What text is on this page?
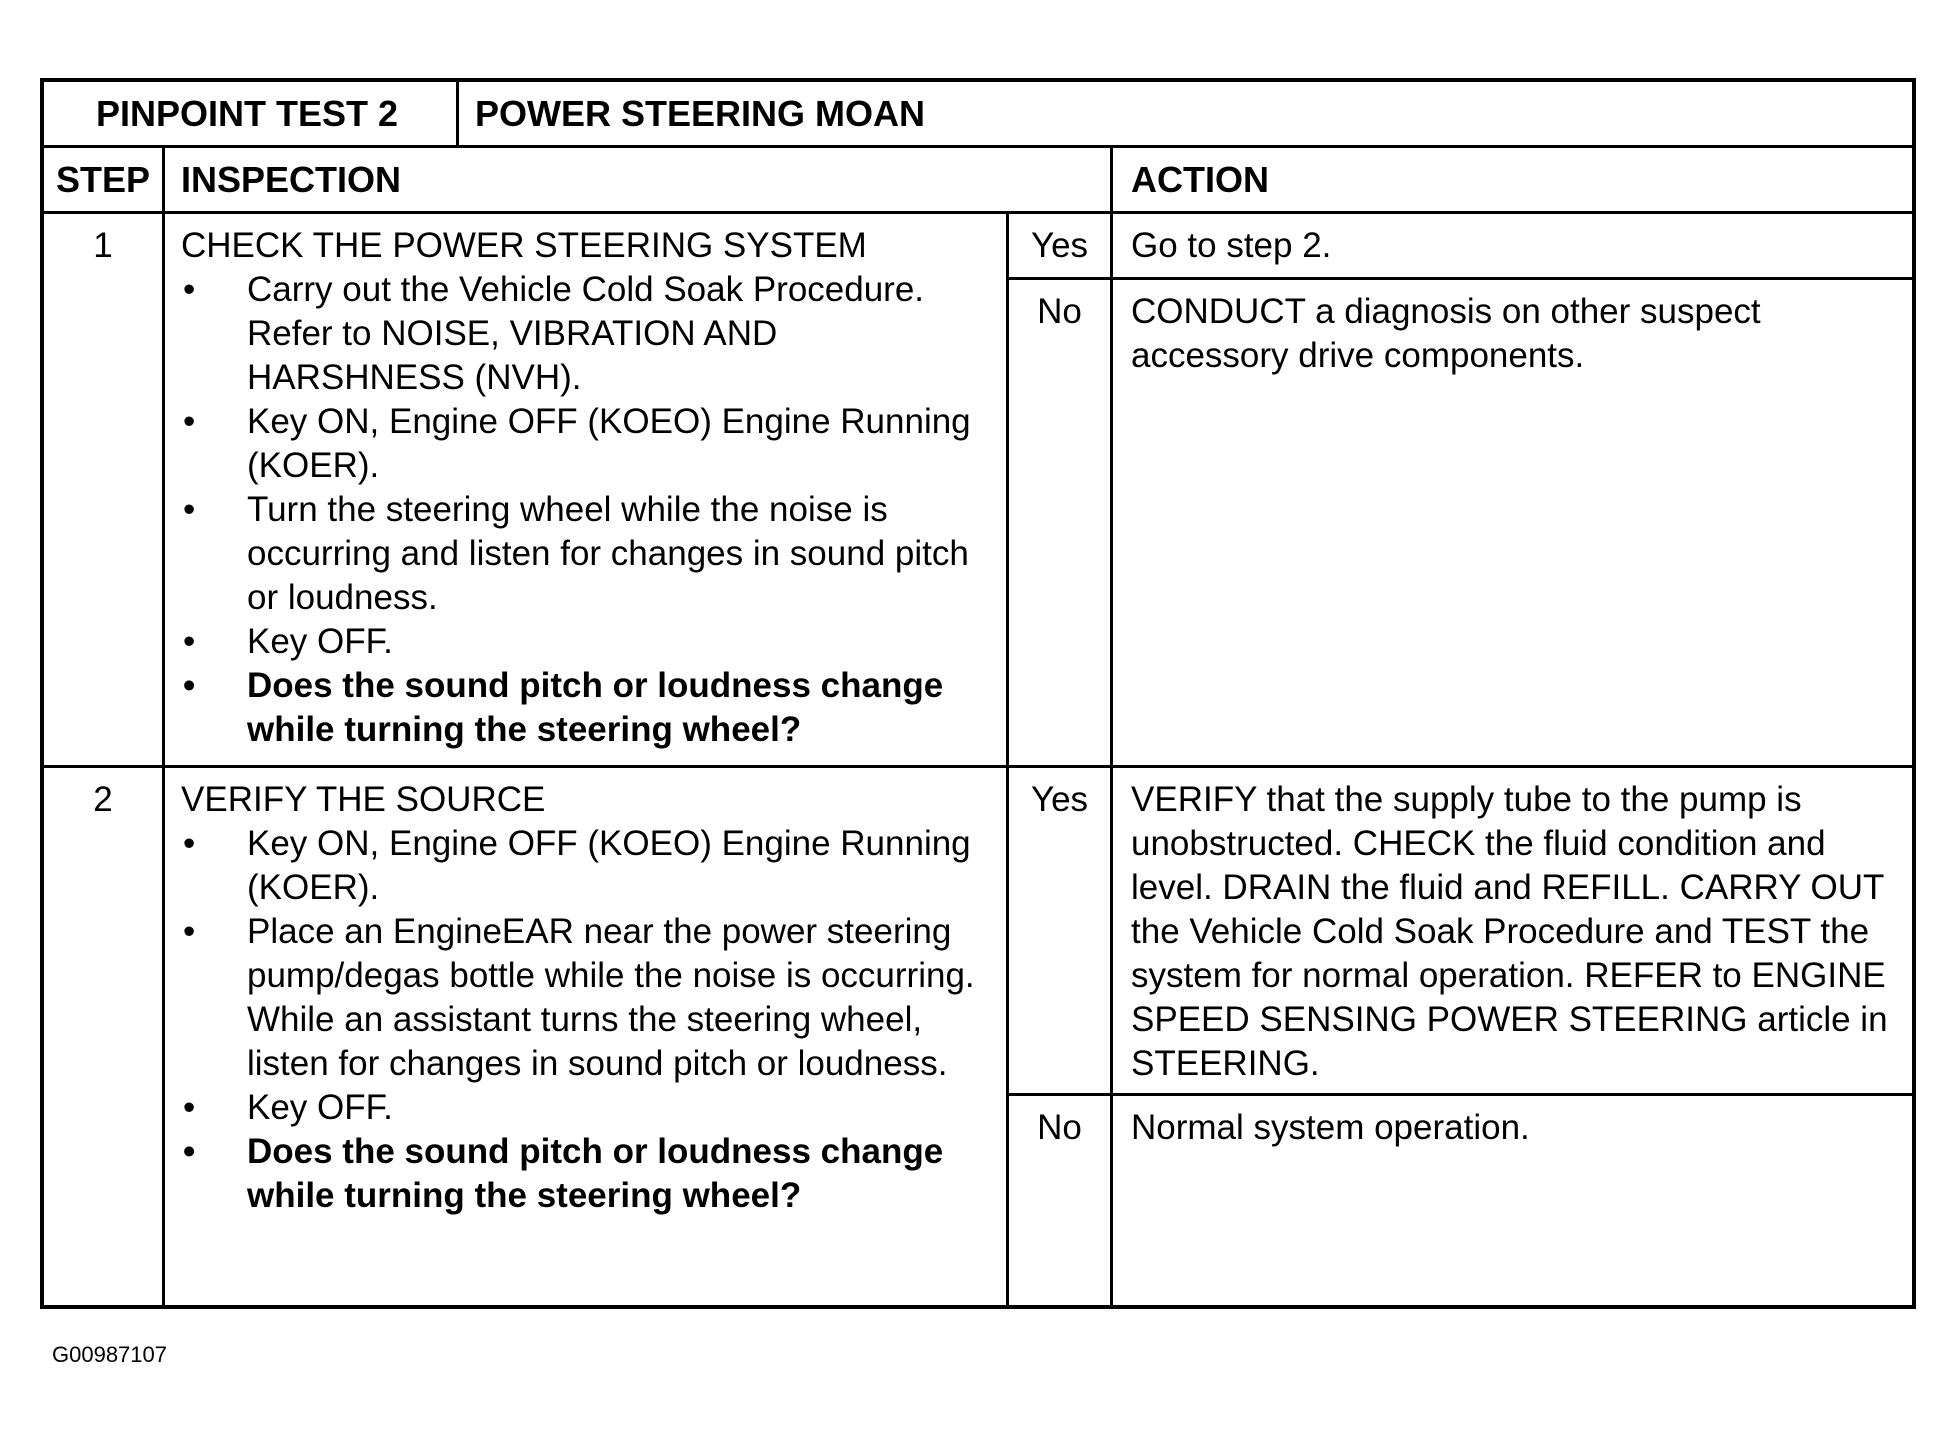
PINPOINT TEST 2 POWER STEERING MOAN
STEP INSPECTION	ACTION
1	CHECK THE POWER STEERING SYSTEM
• Carry out the Vehicle Cold Soak Procedure. Refer to NOISE, VIBRATION AND HARSHNESS (NVH).
• Key ON, Engine OFF (KOEO) Engine Running (KOER).
• Turn the steering wheel while the noise is occurring and listen for changes in sound pitch or loudness.
• Key OFF.
• Does the sound pitch or loudness change while turning the steering wheel?
Yes	Go to step 2.
No	CONDUCT a diagnosis on other suspect accessory drive components.
2	VERIFY THE SOURCE
• Key ON, Engine OFF (KOEO) Engine Running (KOER).
• Place an EngineEAR near the power steering pump/degas bottle while the noise is occurring. While an assistant turns the steering wheel, listen for changes in sound pitch or loudness.
• Key OFF.
• Does the sound pitch or loudness change while turning the steering wheel?
Yes	VERIFY that the supply tube to the pump is unobstructed. CHECK the fluid condition and level. DRAIN the fluid and REFILL. CARRY OUT the Vehicle Cold Soak Procedure and TEST the system for normal operation. REFER to ENGINE SPEED SENSING POWER STEERING article in STEERING.
No	Normal system operation.
G00987107
